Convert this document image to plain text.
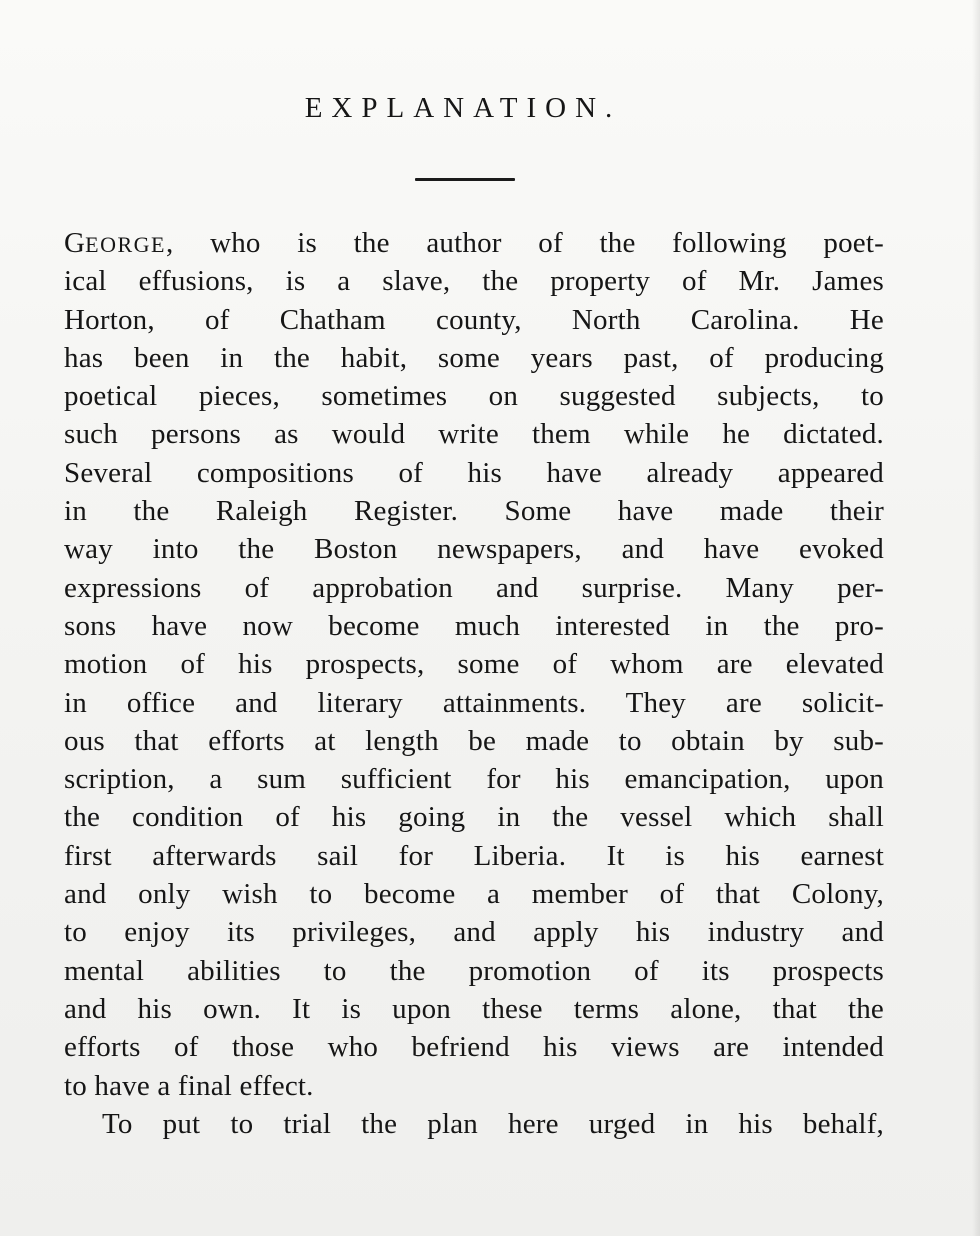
EXPLANATION.
GEORGE, who is the author of the following poet-
ical effusions, is a slave, the property of Mr. James
Horton, of Chatham county, North Carolina. He
has been in the habit, some years past, of producing
poetical pieces, sometimes on suggested subjects, to
such persons as would write them while he dictated.
Several compositions of his have already appeared
in the Raleigh Register. Some have made their
way into the Boston newspapers, and have evoked
expressions of approbation and surprise. Many per-
sons have now become much interested in the pro-
motion of his prospects, some of whom are elevated
in office and literary attainments. They are solicit-
ous that efforts at length be made to obtain by sub-
scription, a sum sufficient for his emancipation, upon
the condition of his going in the vessel which shall
first afterwards sail for Liberia. It is his earnest
and only wish to become a member of that Colony,
to enjoy its privileges, and apply his industry and
mental abilities to the promotion of its prospects
and his own. It is upon these terms alone, that the
efforts of those who befriend his views are intended
to have a final effect.
To put to trial the plan here urged in his behalf,
